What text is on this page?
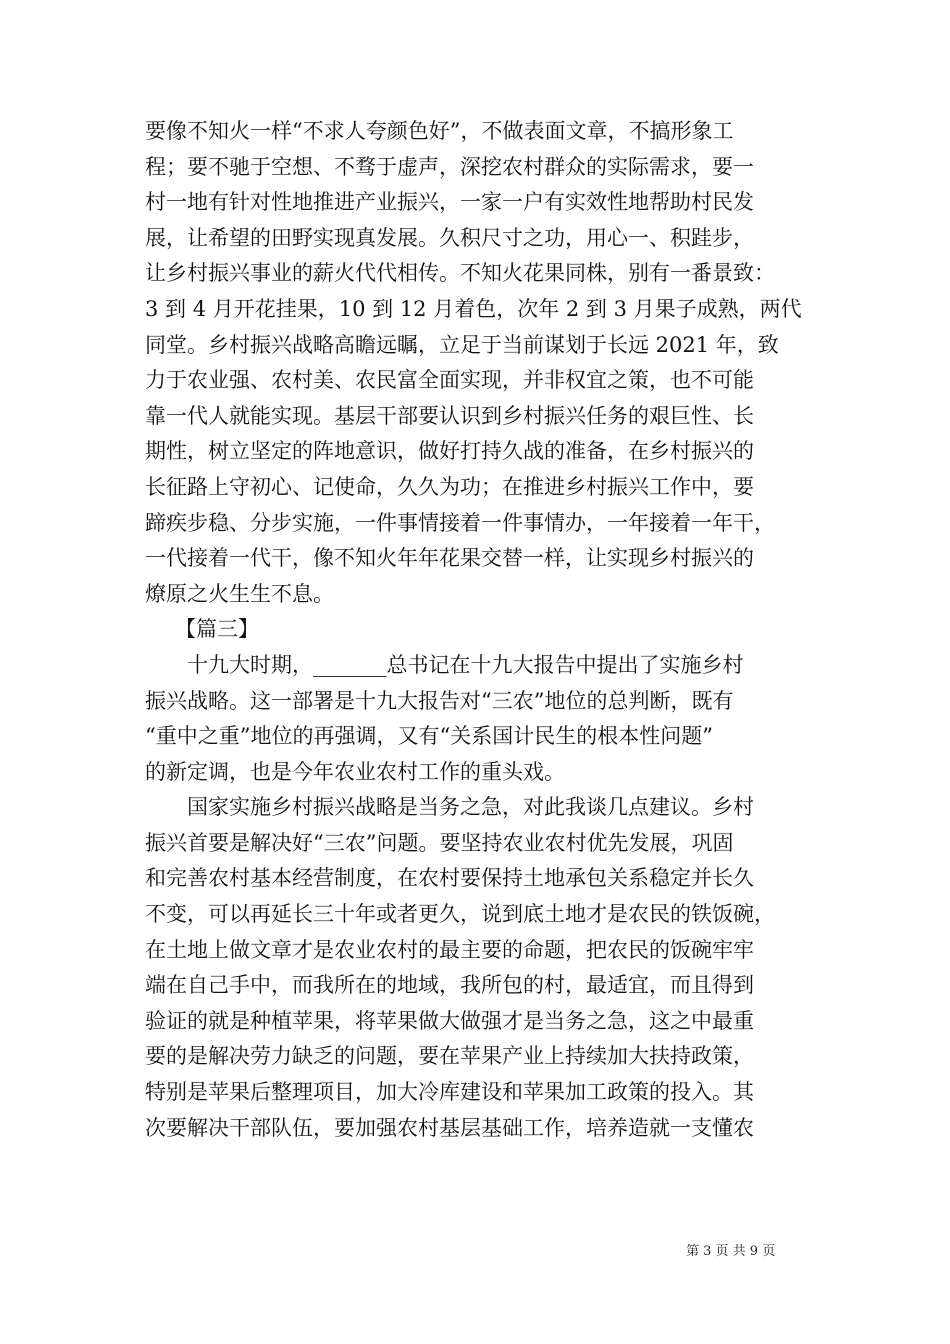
要像不知火一样“不求人夸颜色好”，不做表面文章，不搞形象工
程；要不驰于空想、不骛于虚声，深挖农村群众的实际需求，要一
村一地有针对性地推进产业振兴，一家一户有实效性地帮助村民发
展，让希望的田野实现真发展。久积尺寸之功，用心一、积跬步，
让乡村振兴事业的薪火代代相传。不知火花果同株，别有一番景致：
3 到 4 月开花挂果，10 到 12 月着色，次年 2 到 3 月果子成熟，两代
同堂。乡村振兴战略高瞻远瞩，立足于当前谋划于长远 2021 年，致
力于农业强、农村美、农民富全面实现，并非权宜之策，也不可能
靠一代人就能实现。基层干部要认识到乡村振兴任务的艰巨性、长
期性，树立坚定的阵地意识，做好打持久战的准备，在乡村振兴的
长征路上守初心、记使命，久久为功；在推进乡村振兴工作中，要
蹄疾步稳、分步实施，一件事情接着一件事情办，一年接着一年干，
一代接着一代干，像不知火年年花果交替一样，让实现乡村振兴的
燎原之火生生不息。
【篇三】
十九大时期，_______总书记在十九大报告中提出了实施乡村
振兴战略。这一部署是十九大报告对“三农”地位的总判断，既有
“重中之重”地位的再强调，又有“关系国计民生的根本性问题”
的新定调，也是今年农业农村工作的重头戏。
国家实施乡村振兴战略是当务之急，对此我谈几点建议。乡村
振兴首要是解决好“三农”问题。要坚持农业农村优先发展，巩固
和完善农村基本经营制度，在农村要保持土地承包关系稳定并长久
不变，可以再延长三十年或者更久，说到底土地才是农民的铁饭碗，
在土地上做文章才是农业农村的最主要的命题，把农民的饭碗牢牢
端在自己手中，而我所在的地域，我所包的村，最适宜，而且得到
验证的就是种植苹果，将苹果做大做强才是当务之急，这之中最重
要的是解决劳力缺乏的问题，要在苹果产业上持续加大扶持政策，
特别是苹果后整理项目，加大冷库建设和苹果加工政策的投入。其
次要解决干部队伍，要加强农村基层基础工作，培养造就一支懂农
第 3 页 共 9 页
